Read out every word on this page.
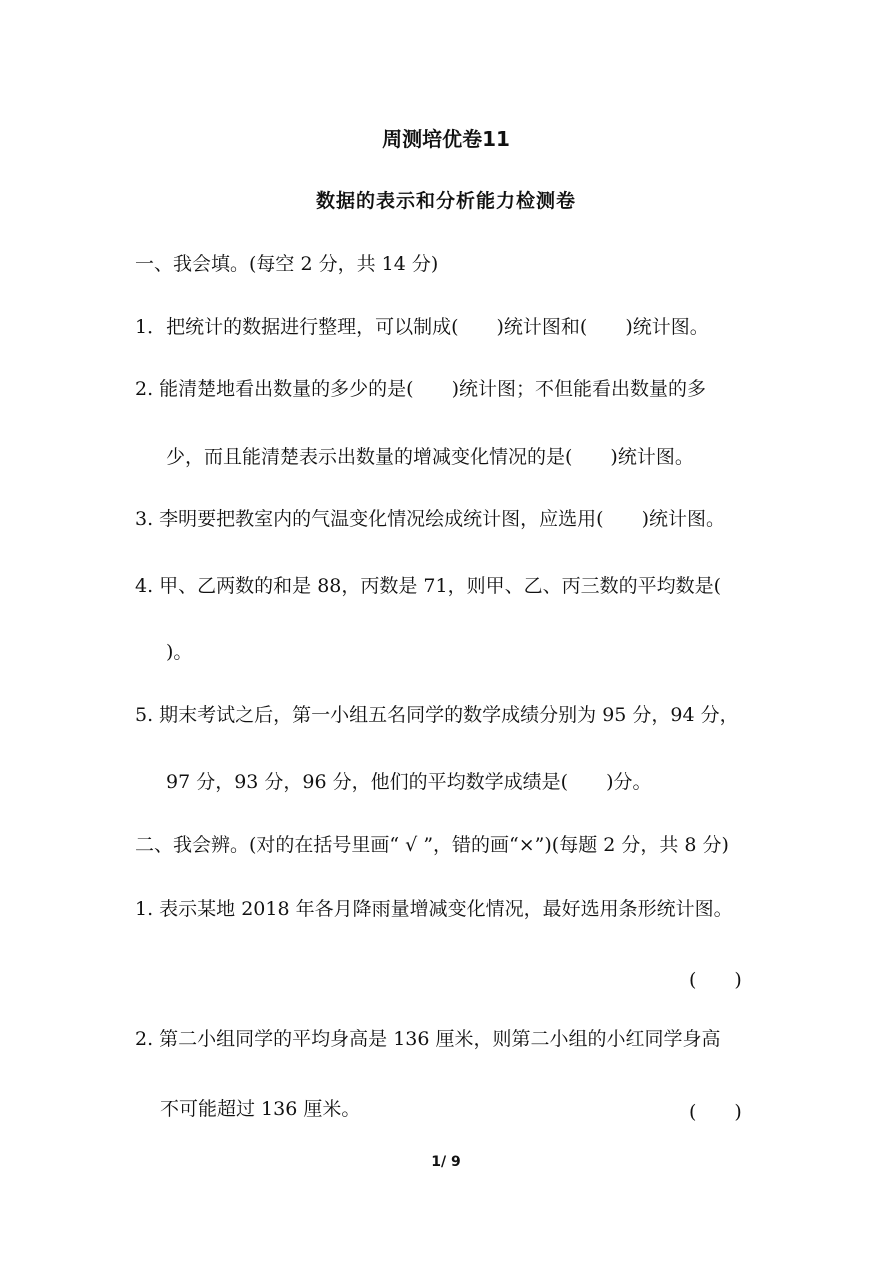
周测培优卷11
数据的表示和分析能力检测卷
一、我会填。(每空 2 分，共 14 分)
1．把统计的数据进行整理，可以制成(　　)统计图和(　　)统计图。
2. 能清楚地看出数量的多少的是(　　)统计图；不但能看出数量的多
少，而且能清楚表示出数量的增减变化情况的是(　　)统计图。
3. 李明要把教室内的气温变化情况绘成统计图，应选用(　　)统计图。
4. 甲、乙两数的和是 88，丙数是 71，则甲、乙、丙三数的平均数是(
)。
5. 期末考试之后，第一小组五名同学的数学成绩分别为 95 分，94 分，
97 分，93 分，96 分，他们的平均数学成绩是(　　)分。
二、我会辨。(对的在括号里画“ √ ”，错的画“×”)(每题 2 分，共 8 分)
1. 表示某地 2018 年各月降雨量增减变化情况，最好选用条形统计图。
(　　)
2. 第二小组同学的平均身高是 136 厘米，则第二小组的小红同学身高
不可能超过 136 厘米。	(　　)
1/ 9
